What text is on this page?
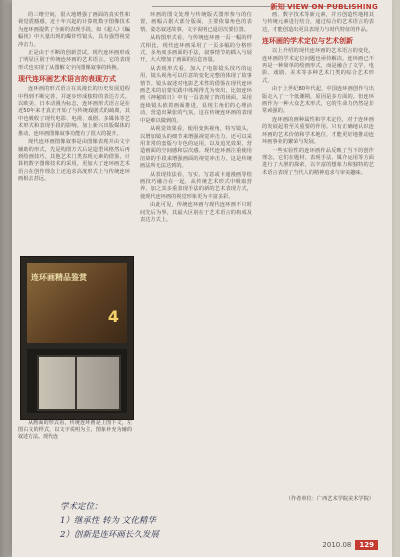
新知 VIEW ON PUBLISHING

的三维空间，很大地增强了画面的真实性和视觉震撼感。近十年兴起的计算机数字图像技术为连环画提供了全新的表现手段，如《超人》《蝙蝠侠》中大量出现的爆炸性镜头，具有强烈视觉冲击力。

正是由于不断的创新尝试，现代连环画形成了明显区别于传统连环画的艺术语言。它的表现形式也实现了从图解文字向图像叙事的转换。

现代连环画艺术语言的表现方式

连环画的形式语言在其漫长的历史发展进程中得到不断完善，并逐步形成独特的表达方式。以欧美、日本动漫为标志，连环画形式语言是在近50年来才真正开始了与传统戏剧式的疏离，其中也吸收了现代电影、电视、戏剧、多媒体等艺术形式和表现手段的影响。加上新兴出版媒体的推动，连环画图像叙事功能有了很大的提升。

现代连环画图像叙事是由图像表现并由文字辅助的形式，先是构图方式后是造型风格然后再到绘画技巧。其他艺术门类表现元素的借鉴，计算机数字图像技术的采用，更加大了连环画艺术语言在创作理念上还追求高度形式上与传统连环画相去甚远。

连环画精品鉴赏
4

从画面的形式看，传统连环画是上图下文，左图右文的样式，以文字说明为主，图象补充为辅的叙述方法。现代连

环画的图文处理与传统版式图形参与的位置，画幅占据大部分版面，主要依靠角色的表情、姿态叙述故事。文字说明已退居次要位置。

从构图形式看，与传统连环画一页一幅的样式相比，现代连环画采用了一页多幅的分格形式，多角度多画面的手法，叙事情节的插入与展开，大大增加了画面的信息容量。

从表现形式看，加入了电影镜头技巧的运用，镜头视角可以任意的变化完整的体现了故事情节。镜头叙述对电影艺术性的借鉴在现代连环画艺术的启蒙实践中体现得尤为突出，比如连环画《神秘昭日》中有一页表现了阵的场面，采用连续镜头依着画面推进，显现主角们的心理活动，营造出紧张的气氛，这在传统连环画的表现中是难以做到的。

从视觉效果看，使用变焦视角，特写镜头，以增加镜头的细节来增强视觉冲击力。还可以采用非常的套版与专色的运用，以及追光效果，营造画面的空间感和层次感。现代连环画注重使用渲染的手段来增强画面的视觉冲击力，这是传统画法所无法达到的。

从表现技法看，写实、写意或卡通漫画等绘画技巧融合在一起，从传统艺术形式中吸取营养，加之其多重表现手法的新的艺术表现方式，使现代连环画的视觉形象更为丰富多彩。

由此可见，传统连环画与现代连环画不只时间先后为界，其最大区别在于艺术语言的构成及表达方式上。

画、数字技术等新元素，并且创造性地将其与传统元素进行结合，通过综合的艺术语言的表达，才能创造出更具表现力与时代特征的作品。

连环画的学术定位与艺术创新

以上介绍的现代连环画的艺术语言的变化，连环画的学术定位问题也亟待解决。连环画已不再是一种简单的绘画形式，而是融合了文学、电影、戏剧、美术等多种艺术门类的综合艺术形式。

由于上世纪80年代起，中国连环画创作与出版走入了一个低潮期，原因是多方面的。但连环画作为一种大众艺术形式，它的生命力仍然是非常顽强的。

连环画的画种属性和学术定位，对于连环画的发展起着至关重要的作用。只有正确地认识连环画的艺术价值和学术地位，才能更好地推动连环画事业的繁荣与发展。

一些实验性的连环画作品反映了当下的创作理念。它们在题材、表现手法、媒介运用等方面进行了大胆的探索，以丰富的想象力和独特的艺术语言表现了当代人的精神追求与审美趣味。

（作者单位：广西艺术学院美术学院）
学术定位：
1）继承性 转为 文化精华
2）创新是连环画长久发展
2010.08	129
